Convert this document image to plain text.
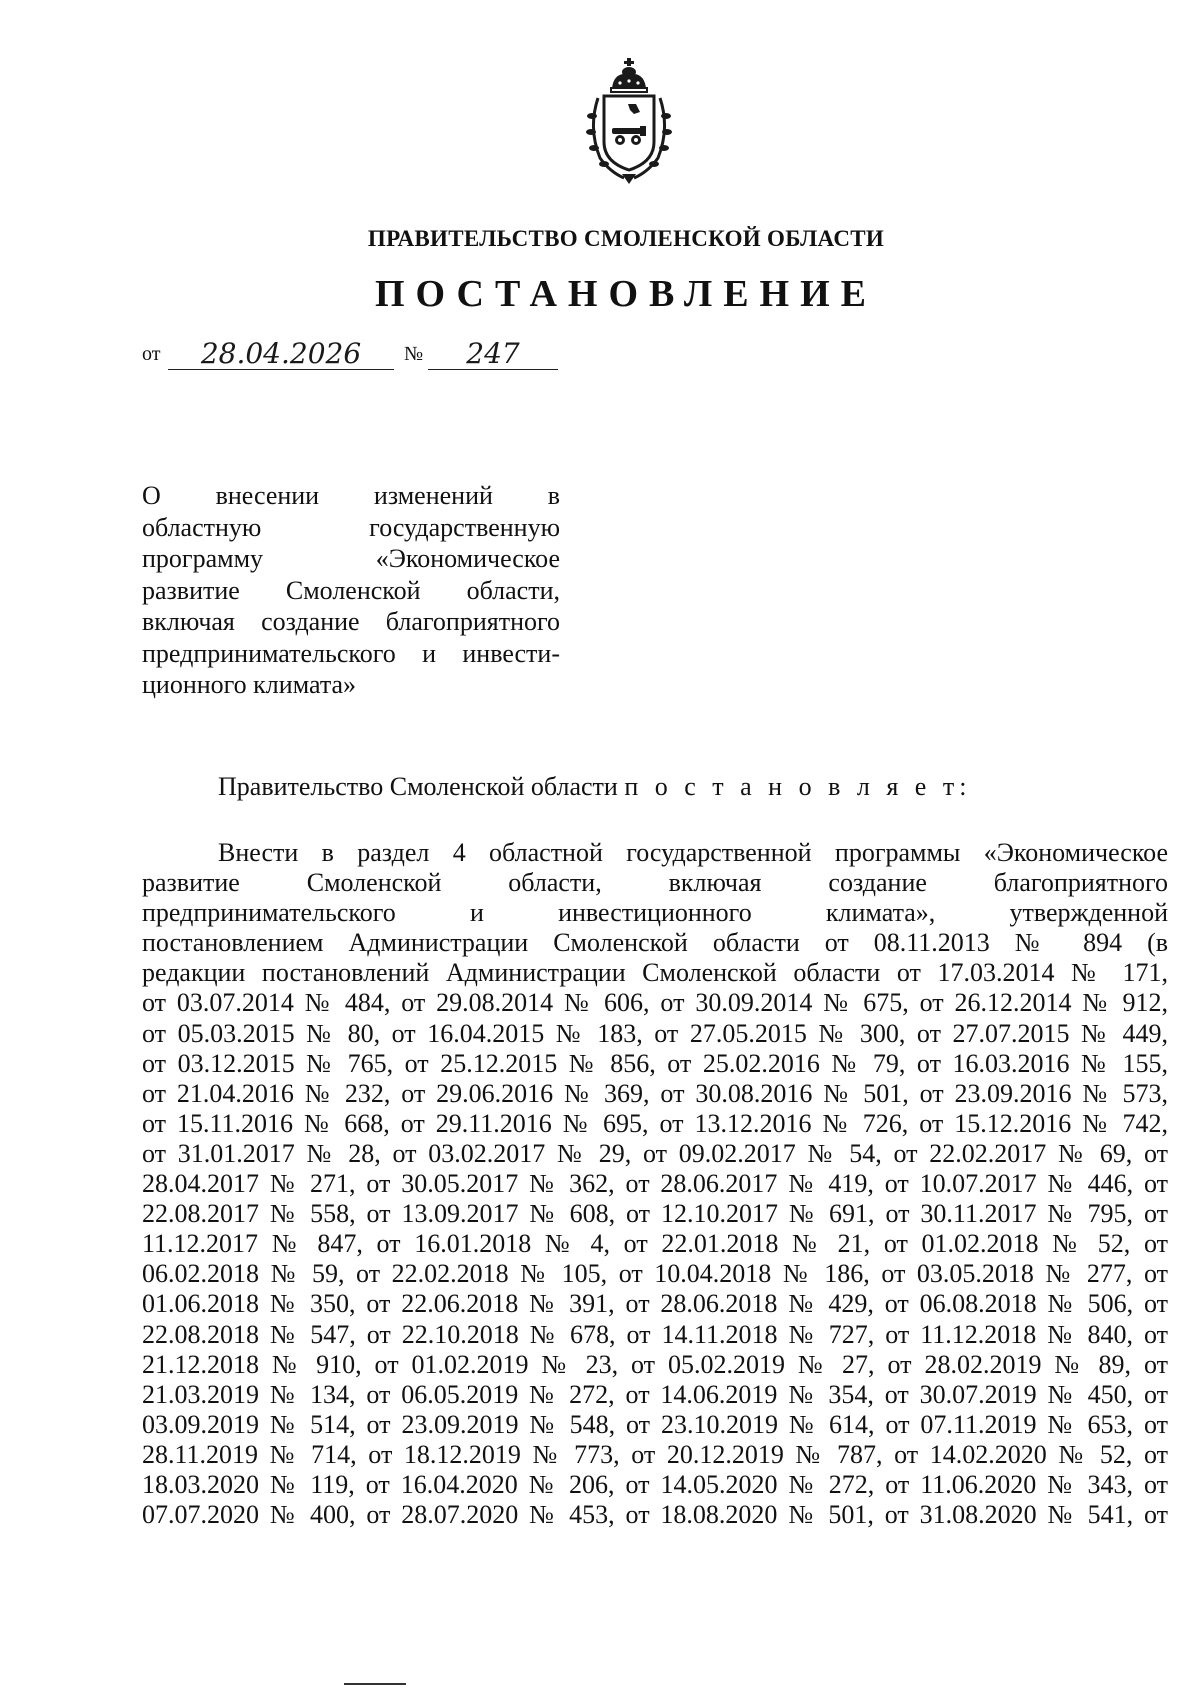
ПРАВИТЕЛЬСТВО СМОЛЕНСКОЙ ОБЛАСТИ
ПОСТАНОВЛЕНИЕ
от	28.04.2026	№	247
О внесении изменений в
областную государственную
программу «Экономическое
развитие Смоленской области,
включая создание благоприятного
предпринимательского и инвести-
ционного климата»
Правительство Смоленской области п о с т а н о в л я е т:
Внести в раздел 4 областной государственной программы «Экономическое
развитие Смоленской области, включая создание благоприятного
предпринимательского и инвестиционного климата», утвержденной
постановлением Администрации Смоленской области от 08.11.2013 № 894 (в
редакции постановлений Администрации Смоленской области от 17.03.2014 № 171,
от 03.07.2014 № 484, от 29.08.2014 № 606, от 30.09.2014 № 675, от 26.12.2014 № 912,
от 05.03.2015 № 80, от 16.04.2015 № 183, от 27.05.2015 № 300, от 27.07.2015 № 449,
от 03.12.2015 № 765, от 25.12.2015 № 856, от 25.02.2016 № 79, от 16.03.2016 № 155,
от 21.04.2016 № 232, от 29.06.2016 № 369, от 30.08.2016 № 501, от 23.09.2016 № 573,
от 15.11.2016 № 668, от 29.11.2016 № 695, от 13.12.2016 № 726, от 15.12.2016 № 742,
от 31.01.2017 № 28, от 03.02.2017 № 29, от 09.02.2017 № 54, от 22.02.2017 № 69, от
28.04.2017 № 271, от 30.05.2017 № 362, от 28.06.2017 № 419, от 10.07.2017 № 446, от
22.08.2017 № 558, от 13.09.2017 № 608, от 12.10.2017 № 691, от 30.11.2017 № 795, от
11.12.2017 № 847, от 16.01.2018 № 4, от 22.01.2018 № 21, от 01.02.2018 № 52, от
06.02.2018 № 59, от 22.02.2018 № 105, от 10.04.2018 № 186, от 03.05.2018 № 277, от
01.06.2018 № 350, от 22.06.2018 № 391, от 28.06.2018 № 429, от 06.08.2018 № 506, от
22.08.2018 № 547, от 22.10.2018 № 678, от 14.11.2018 № 727, от 11.12.2018 № 840, от
21.12.2018 № 910, от 01.02.2019 № 23, от 05.02.2019 № 27, от 28.02.2019 № 89, от
21.03.2019 № 134, от 06.05.2019 № 272, от 14.06.2019 № 354, от 30.07.2019 № 450, от
03.09.2019 № 514, от 23.09.2019 № 548, от 23.10.2019 № 614, от 07.11.2019 № 653, от
28.11.2019 № 714, от 18.12.2019 № 773, от 20.12.2019 № 787, от 14.02.2020 № 52, от
18.03.2020 № 119, от 16.04.2020 № 206, от 14.05.2020 № 272, от 11.06.2020 № 343, от
07.07.2020 № 400, от 28.07.2020 № 453, от 18.08.2020 № 501, от 31.08.2020 № 541, от
